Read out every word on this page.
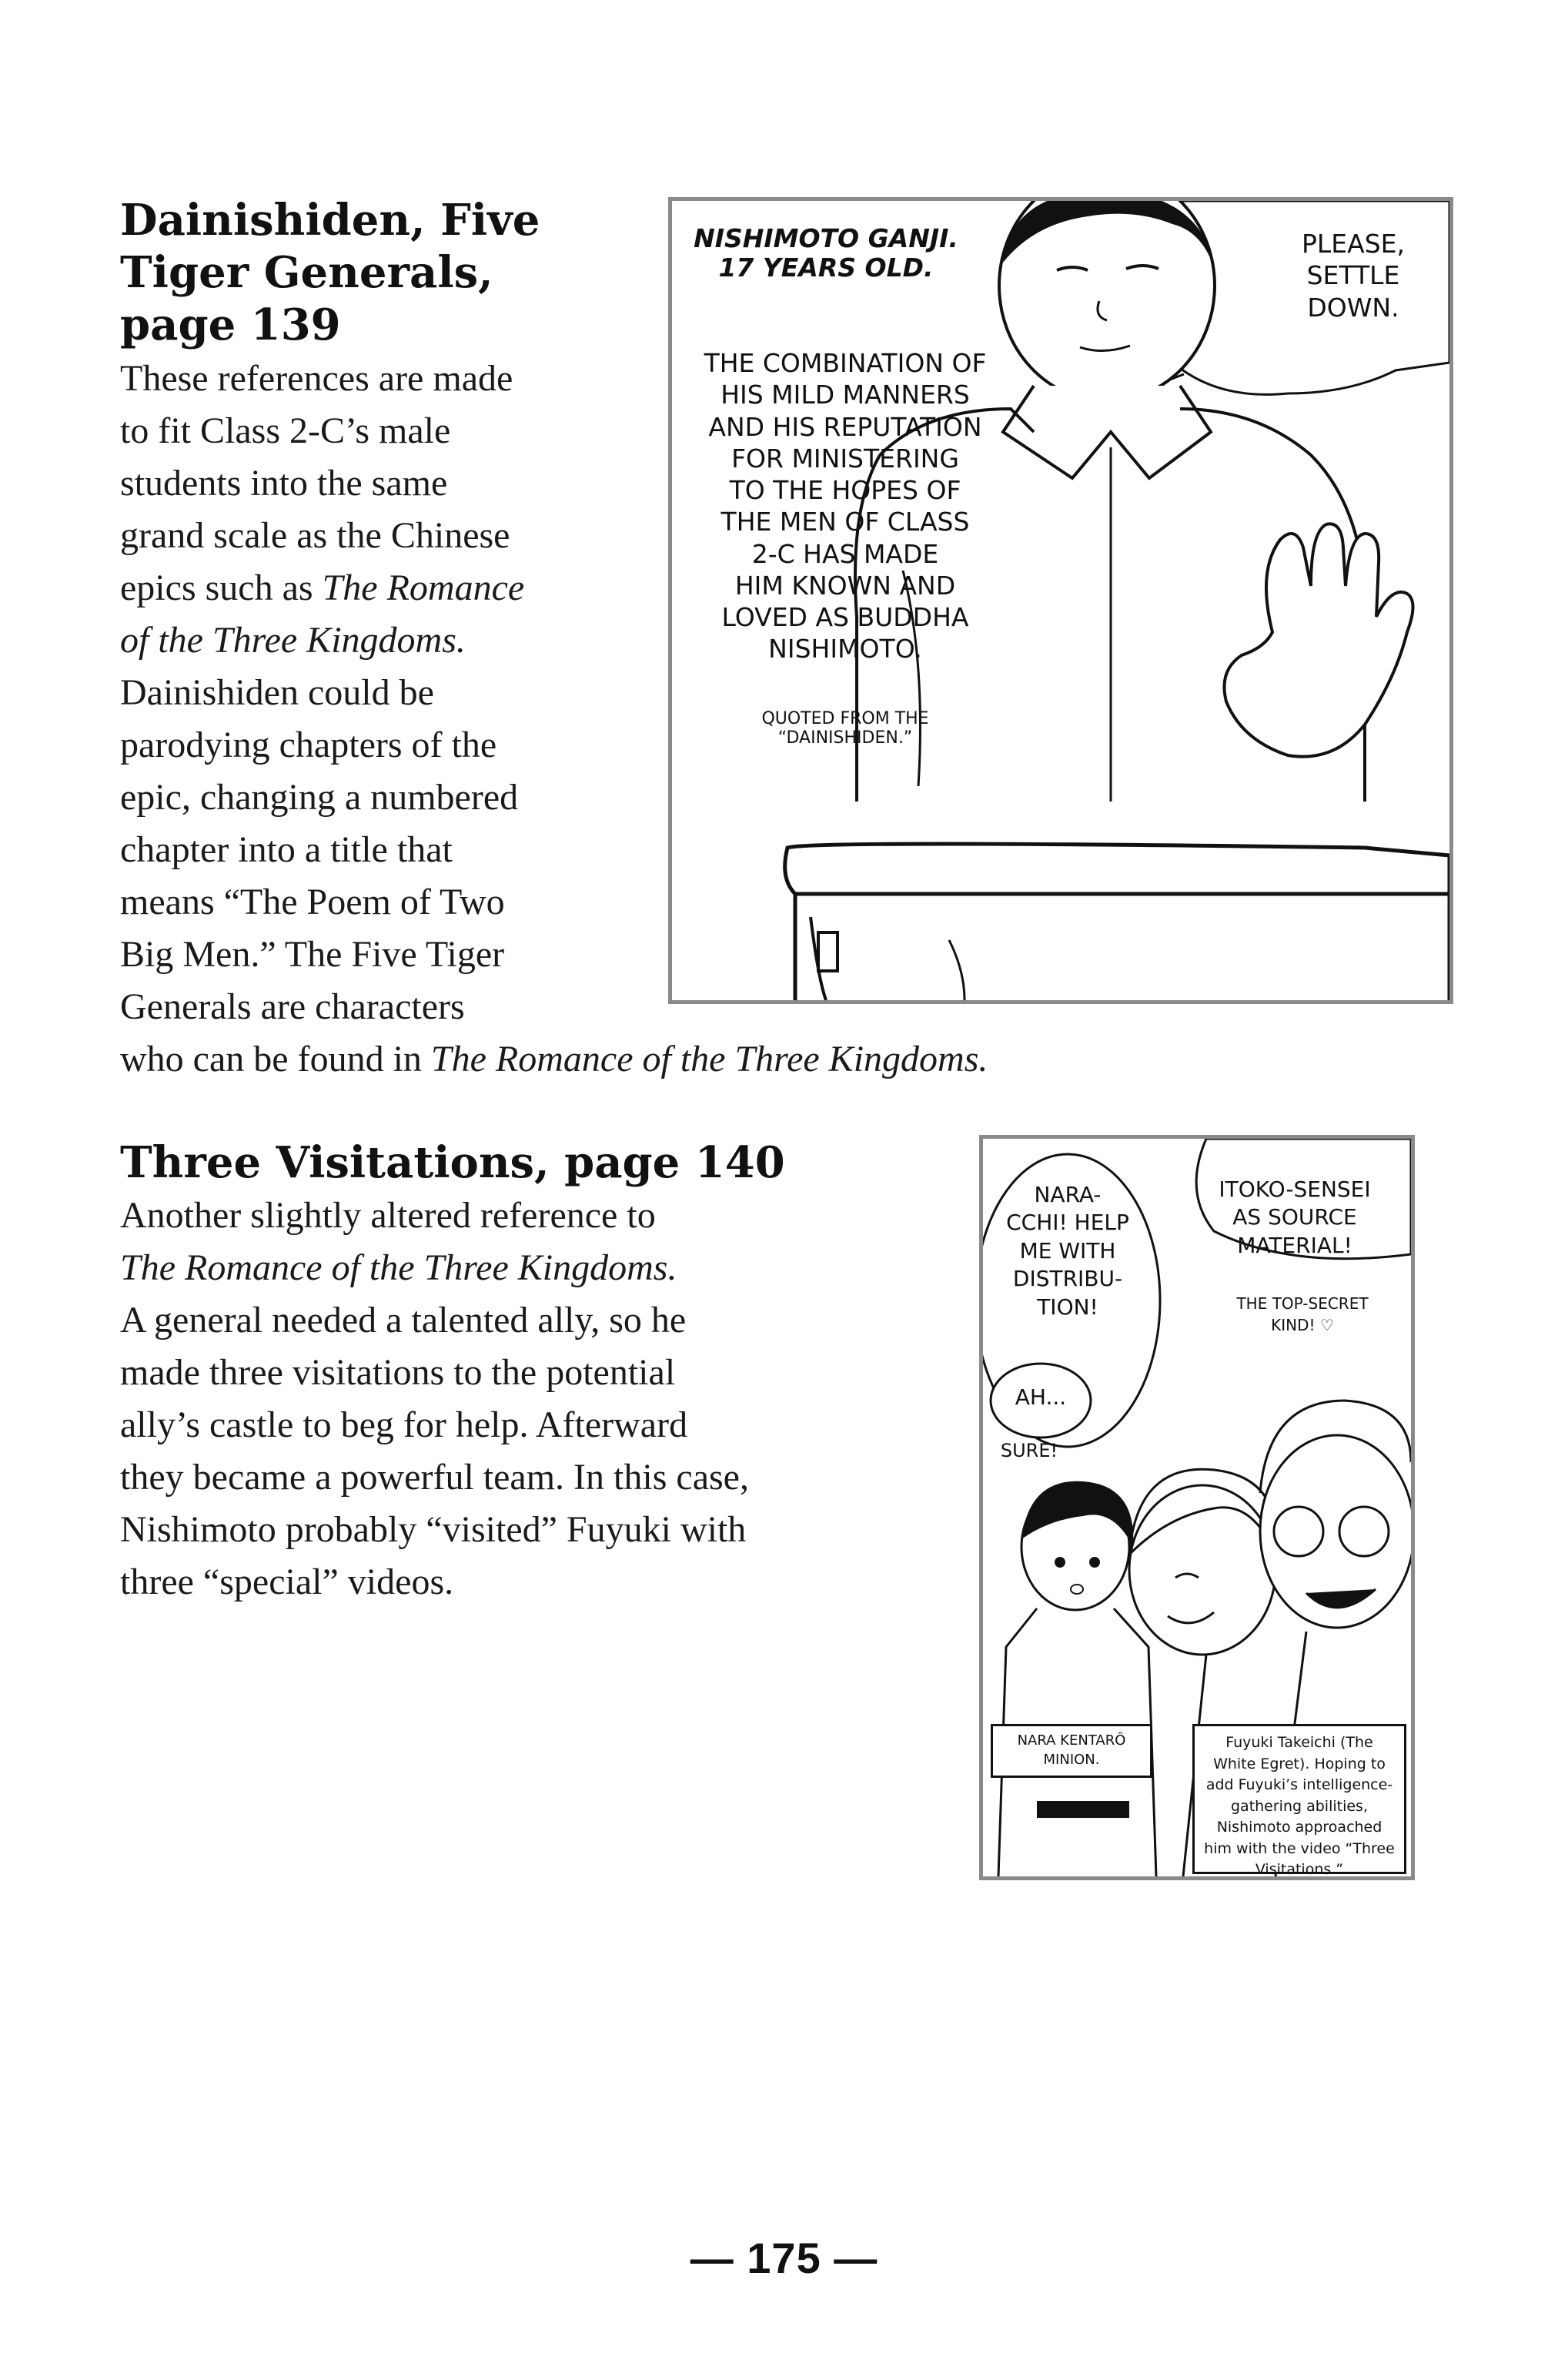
Dainishiden, Five
Tiger Generals,
page 139
These references are made
to fit Class 2-C’s male
students into the same
grand scale as the Chinese
epics such as The Romance
of the Three Kingdoms.
Dainishiden could be
parodying chapters of the
epic, changing a numbered
chapter into a title that
means “The Poem of Two
Big Men.” The Five Tiger
Generals are characters
who can be found in The Romance of the Three Kingdoms.
NISHIMOTO GANJI.
17 YEARS OLD.
THE COMBINATION OF
HIS MILD MANNERS
AND HIS REPUTATION
FOR MINISTERING
TO THE HOPES OF
THE MEN OF CLASS
2-C HAS MADE
HIM KNOWN AND
LOVED AS BUDDHA
NISHIMOTO.
QUOTED FROM THE
“DAINISHIDEN.”
PLEASE,
SETTLE
DOWN.
Three Visitations, page 140
Another slightly altered reference to
The Romance of the Three Kingdoms.
A general needed a talented ally, so he
made three visitations to the potential
ally’s castle to beg for help. Afterward
they became a powerful team. In this case,
Nishimoto probably “visited” Fuyuki with
three “special” videos.
NARA-
CCHI! HELP
ME WITH
DISTRIBU-
TION!
ITOKO-SENSEI
AS SOURCE
MATERIAL!
THE TOP-SECRET
KIND! ♡
AH...
SURE!
NARA KENTARÔ
MINION.
Fuyuki Takeichi (The
White Egret). Hoping to
add Fuyuki’s intelligence-
gathering abilities,
Nishimoto approached
him with the video “Three
Visitations.”
— 175 —
